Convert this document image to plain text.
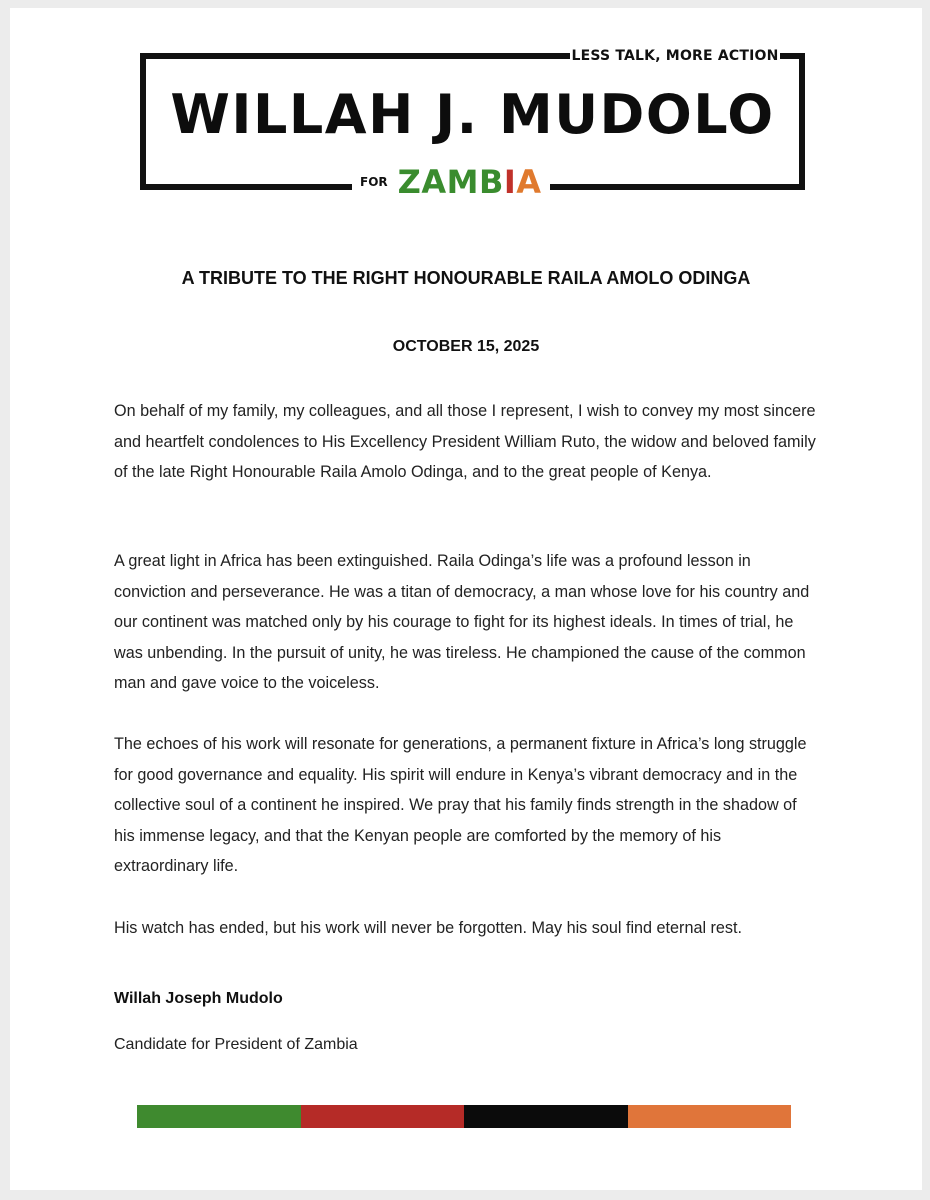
LESS TALK, MORE ACTION
WILLAH J. MUDOLO
FOR ZAMBIA
A TRIBUTE TO THE RIGHT HONOURABLE RAILA AMOLO ODINGA
OCTOBER 15, 2025

On behalf of my family, my colleagues, and all those I represent, I wish to convey my most sincere and heartfelt condolences to His Excellency President William Ruto, the widow and beloved family of the late Right Honourable Raila Amolo Odinga, and to the great people of Kenya.

A great light in Africa has been extinguished. Raila Odinga’s life was a profound lesson in conviction and perseverance. He was a titan of democracy, a man whose love for his country and our continent was matched only by his courage to fight for its highest ideals. In times of trial, he was unbending. In the pursuit of unity, he was tireless. He championed the cause of the common man and gave voice to the voiceless.

The echoes of his work will resonate for generations, a permanent fixture in Africa’s long struggle for good governance and equality. His spirit will endure in Kenya’s vibrant democracy and in the collective soul of a continent he inspired. We pray that his family finds strength in the shadow of his immense legacy, and that the Kenyan people are comforted by the memory of his extraordinary life.

His watch has ended, but his work will never be forgotten. May his soul find eternal rest.

Willah Joseph Mudolo
Candidate for President of Zambia
